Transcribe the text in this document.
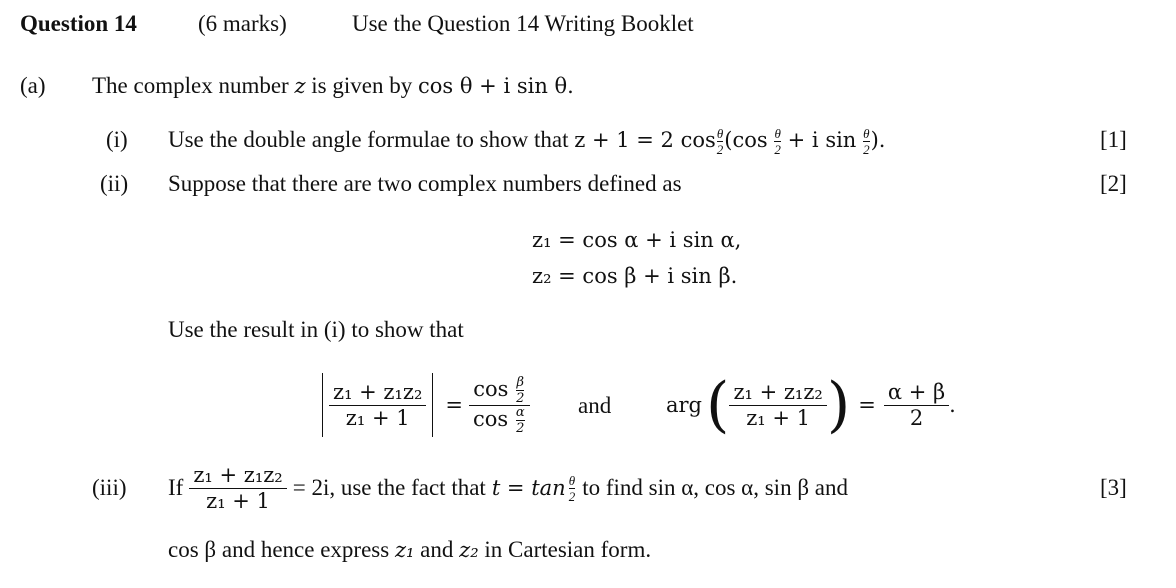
Question 14	(6 marks)	Use the Question 14 Writing Booklet
(a) The complex number z is given by cos θ + i sin θ.
(i) Use the double angle formulae to show that z + 1 = 2 $\cos \frac{\theta}{2} (\cos \frac{\theta}{2} + i$ $\sin \frac{\theta}{2}$ ).	[1]
(ii) Suppose that there are two complex numbers defined as	[2]
z₁ = cos α + i sin α,
z₂ = cos β + i sin β.
Use the result in (i) to show that
$\frac{\text{z₁ + z₁z₂}}{\text{z₁ + 1}} = \frac{\cos \frac{\beta}{2}}{\cos \frac{\alpha}{2}}$ and	arg ( $\frac{\text{z₁ + z₁z₂}}{\text{z₁ + 1}}$ ) = $\frac{\alpha + \beta}{2}$ .
(iii) If $\frac{\text{z₁ + z₁z₂}}{\text{z₁ + 1}} = 2i$, use the fact that t = tan θ
2 to find sin α, cos α, sin β and	[3]
cos β and hence express z₁ and z₂ in Cartesian form.
